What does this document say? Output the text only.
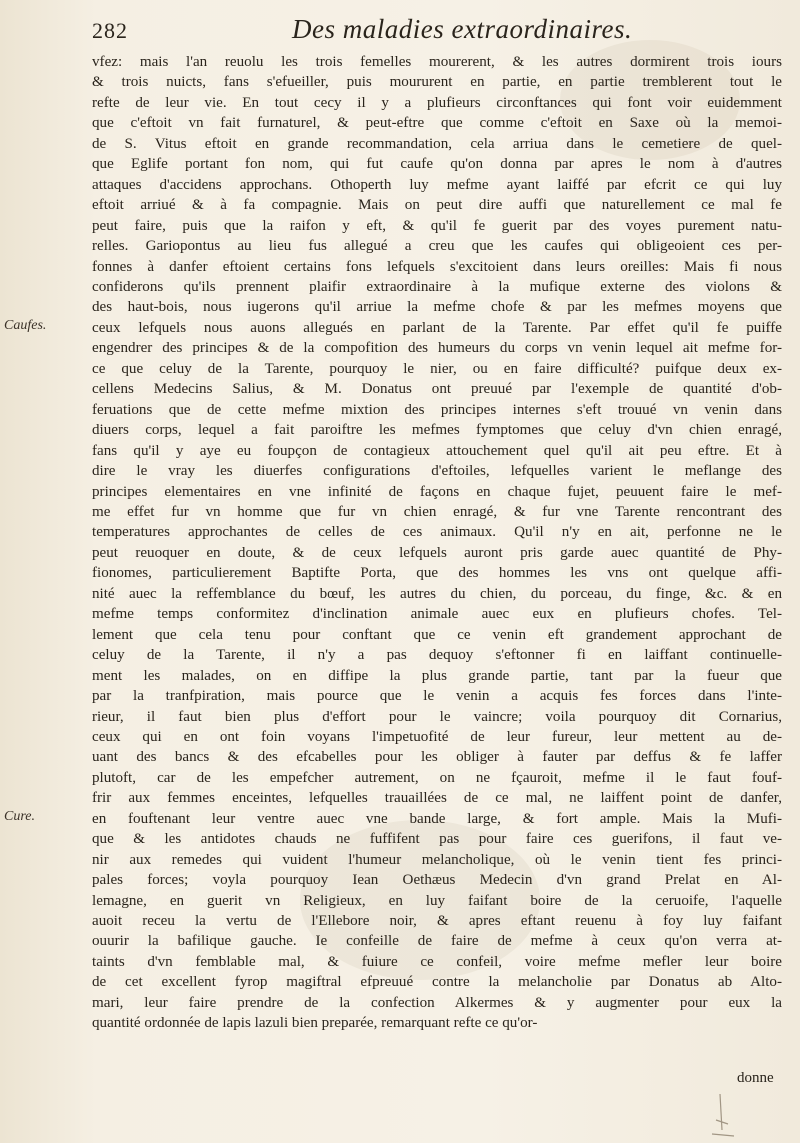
282	Des maladies extraordinaires.
Caufes.
Cure.
vfez: mais l'an reuolu les trois femelles mourerent, & les autres dormirent trois iours
& trois nuicts, fans s'efueiller, puis moururent en partie, en partie tremblerent tout le
refte de leur vie. En tout cecy il y a plufieurs circonftances qui font voir euidemment
que c'eftoit vn fait furnaturel, & peut-eftre que comme c'eftoit en Saxe où la memoi-
de S. Vitus eftoit en grande recommandation, cela arriua dans le cemetiere de quel-
que Eglife portant fon nom, qui fut caufe qu'on donna par apres le nom à d'autres
attaques d'accidens approchans. Othoperth luy mefme ayant laiffé par efcrit ce qui luy
eftoit arriué & à fa compagnie. Mais on peut dire auffi que naturellement ce mal fe
peut faire, puis que la raifon y eft, & qu'il fe guerit par des voyes purement natu-
relles. Gariopontus au lieu fus allegué a creu que les caufes qui obligeoient ces per-
fonnes à danfer eftoient certains fons lefquels s'excitoient dans leurs oreilles: Mais fi nous
confiderons qu'ils prennent plaifir extraordinaire à la mufique externe des violons &
des haut-bois, nous iugerons qu'il arriue la mefme chofe & par les mefmes moyens que
ceux lefquels nous auons allegués en parlant de la Tarente. Par effet qu'il fe puiffe
engendrer des principes & de la compofition des humeurs du corps vn venin lequel ait mefme for-
ce que celuy de la Tarente, pourquoy le nier, ou en faire difficulté? puifque deux ex-
cellens Medecins Salius, & M. Donatus ont preuué par l'exemple de quantité d'ob-
feruations que de cette mefme mixtion des principes internes s'eft trouué vn venin dans
diuers corps, lequel a fait paroiftre les mefmes fymptomes que celuy d'vn chien enragé,
fans qu'il y aye eu foupçon de contagieux attouchement quel qu'il ait peu eftre. Et à
dire le vray les diuerfes configurations d'eftoiles, lefquelles varient le meflange des
principes elementaires en vne infinité de façons en chaque fujet, peuuent faire le mef-
me effet fur vn homme que fur vn chien enragé, & fur vne Tarente rencontrant des
temperatures approchantes de celles de ces animaux. Qu'il n'y en ait, perfonne ne le
peut reuoquer en doute, & de ceux lefquels auront pris garde auec quantité de Phy-
fionomes, particulierement Baptifte Porta, que des hommes les vns ont quelque affi-
nité auec la reffemblance du bœuf, les autres du chien, du porceau, du finge, &c. & en
mefme temps conformitez d'inclination animale auec eux en plufieurs chofes. Tel-
lement que cela tenu pour conftant que ce venin eft grandement approchant de
celuy de la Tarente, il n'y a pas dequoy s'eftonner fi en laiffant continuelle-
ment les malades, on en diffipe la plus grande partie, tant par la fueur que
par la tranfpiration, mais pource que le venin a acquis fes forces dans l'inte-
rieur, il faut bien plus d'effort pour le vaincre; voila pourquoy dit Cornarius,
ceux qui en ont foin voyans l'impetuofité de leur fureur, leur mettent au de-
uant des bancs & des efcabelles pour les obliger à fauter par deffus & fe laffer
plutoft, car de les empefcher autrement, on ne fçauroit, mefme il le faut fouf-
frir aux femmes enceintes, lefquelles trauaillées de ce mal, ne laiffent point de danfer,
en fouftenant leur ventre auec vne bande large, & fort ample. Mais la Mufi-
que & les antidotes chauds ne fuffifent pas pour faire ces guerifons, il faut ve-
nir aux remedes qui vuident l'humeur melancholique, où le venin tient fes princi-
pales forces; voyla pourquoy Iean Oethæus Medecin d'vn grand Prelat en Al-
lemagne, en guerit vn Religieux, en luy faifant boire de la ceruoife, l'aquelle
auoit receu la vertu de l'Ellebore noir, & apres eftant reuenu à foy luy faifant
ouurir la bafilique gauche. Ie confeille de faire de mefme à ceux qu'on verra at-
taints d'vn femblable mal, & fuiure ce confeil, voire mefme mefler leur boire
de cet excellent fyrop magiftral efpreuué contre la melancholie par Donatus ab Alto-
mari, leur faire prendre de la confection Alkermes & y augmenter pour eux la
quantité ordonnée de lapis lazuli bien preparée, remarquant refte ce qu'or-
donne
